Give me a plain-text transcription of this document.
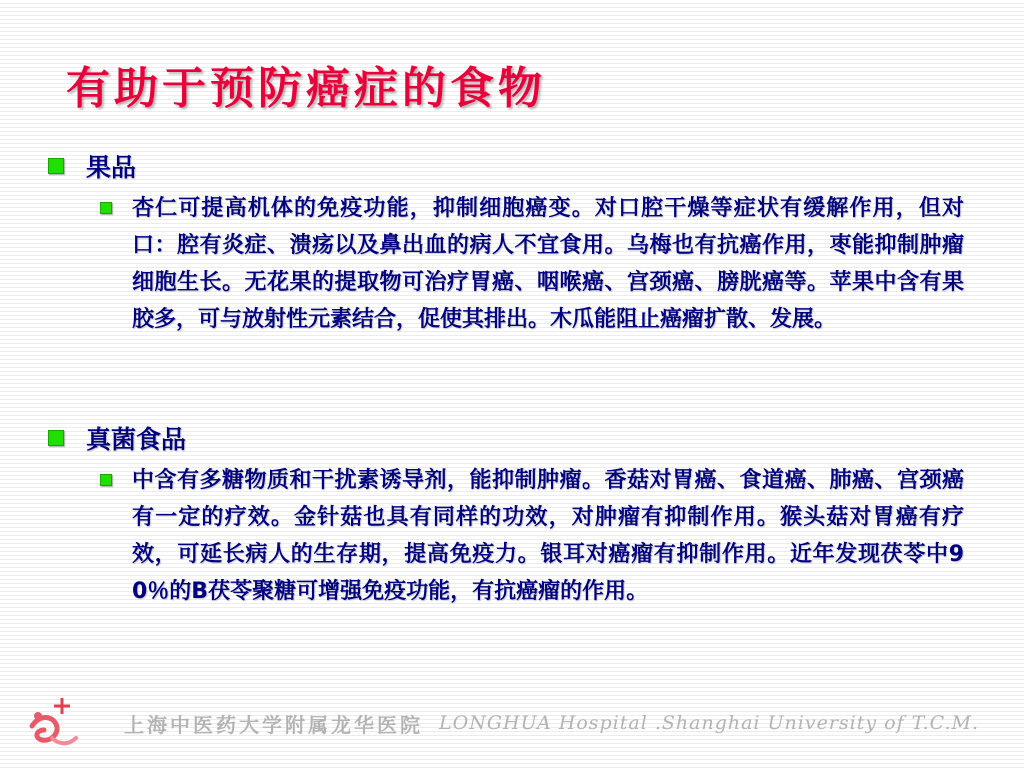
有助于预防癌症的食物
果品
杏仁可提高机体的免疫功能，抑制细胞癌变。对口腔干燥等症状有缓解作用，但对口：腔有炎症、溃疡以及鼻出血的病人不宜食用。乌梅也有抗癌作用，枣能抑制肿瘤细胞生长。无花果的提取物可治疗胃癌、咽喉癌、宫颈癌、膀胱癌等。苹果中含有果胶多，可与放射性元素结合，促使其排出。木瓜能阻止癌瘤扩散、发展。
真菌食品
中含有多糖物质和干扰素诱导剂，能抑制肿瘤。香菇对胃癌、食道癌、肺癌、宫颈癌有一定的疗效。金针菇也具有同样的功效，对肿瘤有抑制作用。猴头菇对胃癌有疗效，可延长病人的生存期，提高免疫力。银耳对癌瘤有抑制作用。近年发现茯苓中90％的B茯苓聚糖可增强免疫功能，有抗癌瘤的作用。
上海中医药大学附属龙华医院 LONGHUA Hospital .Shanghai University of T.C.M.
